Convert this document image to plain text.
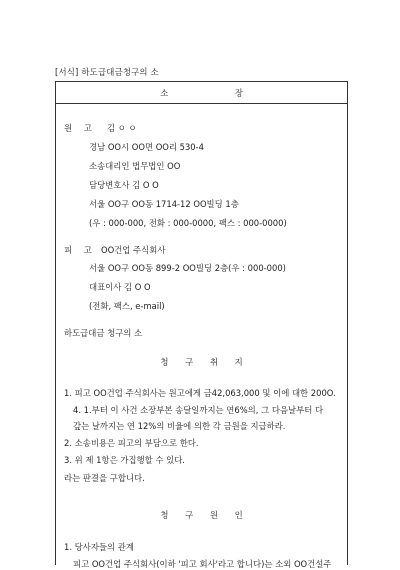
[서식] 하도급대금청구의 소
소 장
원 고 김 ㅇ ㅇ
경남 OO시 OO면 OO리 530-4
소송대리인 법무법인 OO
담당변호사 김 O O
서울 OO구 OO동 1714-12 OO빌딩 1층
(우 : 000-000, 전화 : 000-0000, 팩스 : 000-0000)
피 고 OO건업 주식회사
서울 OO구 OO동 899-2 OO빌딩 2층(우 : 000-000)
대표이사 김 O O
(전화, 팩스, e-mail)
하도급대금 청구의 소
청 구 취 지
1. 피고 OO건업 주식회사는 원고에게 금42,063,000 및 이에 대한 200O.
4. 1.부터 이 사건 소장부본 송달일까지는 연6%의, 그 다음날부터 다
갚는 날까지는 연 12%의 비율에 의한 각 금원을 지급하라.
2. 소송비용은 피고의 부담으로 한다.
3. 위 제 1항은 가집행할 수 있다.
라는 판결을 구합니다.
청 구 원 인
1. 당사자들의 관계
피고 OO건업 주식회사(이하 '피고 회사'라고 합니다)는 소외 OO건설주
